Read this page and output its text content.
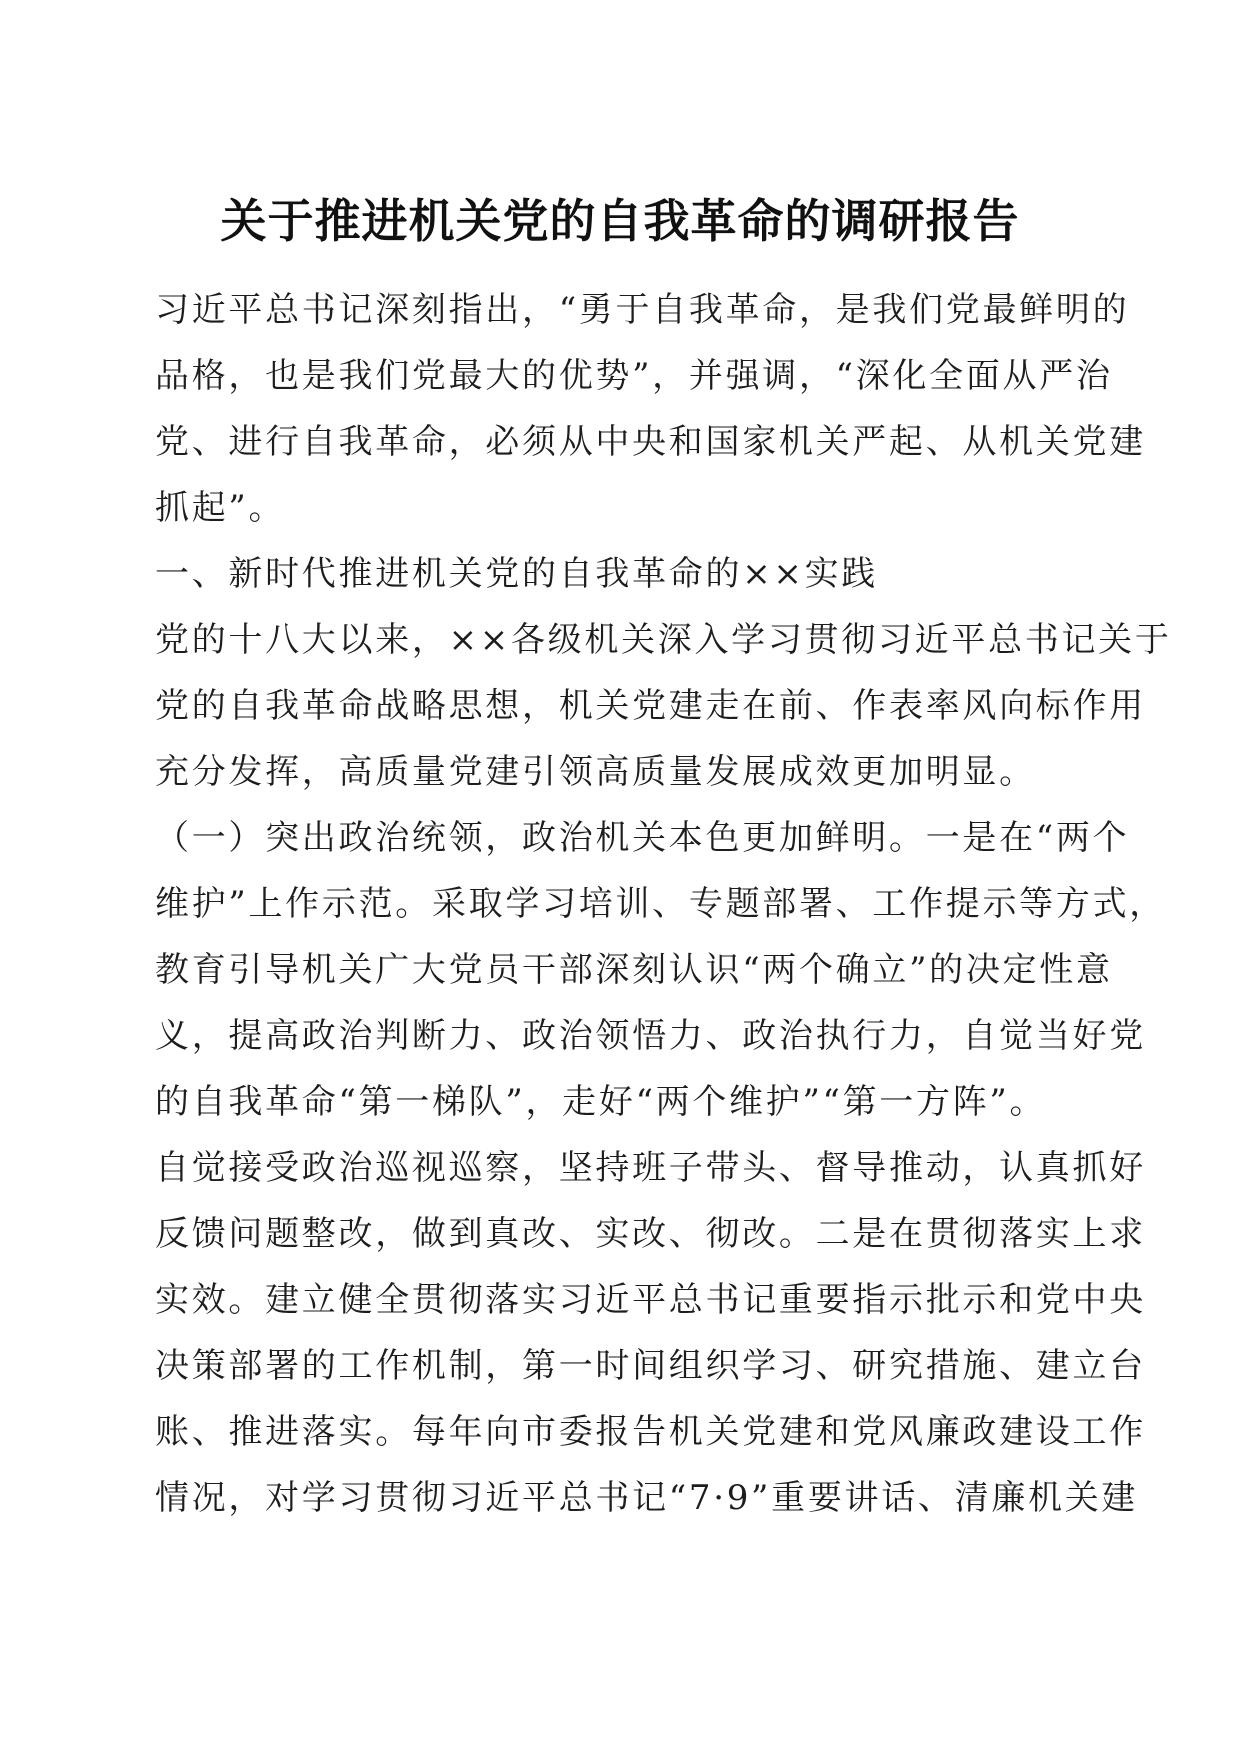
关于推进机关党的自我革命的调研报告
习近平总书记深刻指出，“勇于自我革命，是我们党最鲜明的
品格，也是我们党最大的优势”，并强调，“深化全面从严治
党、进行自我革命，必须从中央和国家机关严起、从机关党建
抓起”。
一、新时代推进机关党的自我革命的××实践
党的十八大以来，××各级机关深入学习贯彻习近平总书记关于
党的自我革命战略思想，机关党建走在前、作表率风向标作用
充分发挥，高质量党建引领高质量发展成效更加明显。
（一）突出政治统领，政治机关本色更加鲜明。一是在“两个
维护”上作示范。采取学习培训、专题部署、工作提示等方式，
教育引导机关广大党员干部深刻认识“两个确立”的决定性意
义，提高政治判断力、政治领悟力、政治执行力，自觉当好党
的自我革命“第一梯队”，走好“两个维护”“第一方阵”。
自觉接受政治巡视巡察，坚持班子带头、督导推动，认真抓好
反馈问题整改，做到真改、实改、彻改。二是在贯彻落实上求
实效。建立健全贯彻落实习近平总书记重要指示批示和党中央
决策部署的工作机制，第一时间组织学习、研究措施、建立台
账、推进落实。每年向市委报告机关党建和党风廉政建设工作
情况，对学习贯彻习近平总书记“7·9”重要讲话、清廉机关建
